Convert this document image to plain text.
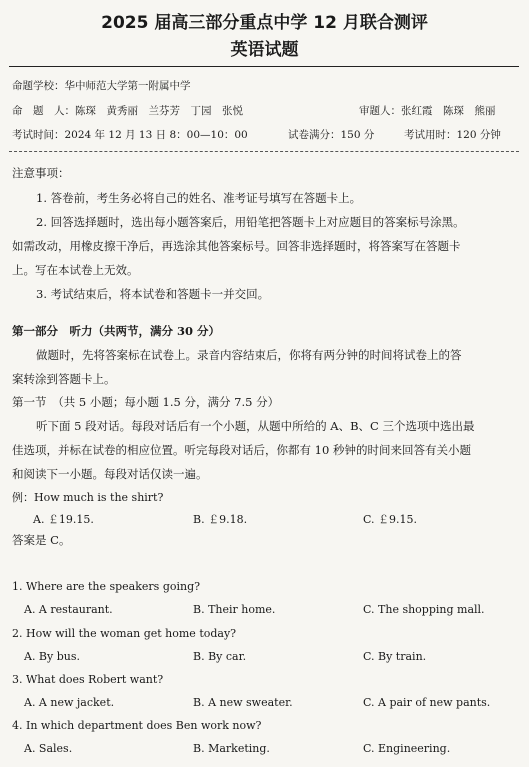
2025 届高三部分重点中学 12 月联合测评
英语试题
命题学校：华中师范大学第一附属中学
命　题　人：陈琛　黄秀丽　兰芬芳　丁园　张悦	审题人：张红霞　陈琛　熊丽
考试时间：2024 年 12 月 13 日 8：00—10：00	试卷满分：150 分	考试用时：120 分钟
注意事项：
1. 答卷前，考生务必将自己的姓名、准考证号填写在答题卡上。
2. 回答选择题时，选出每小题答案后，用铅笔把答题卡上对应题目的答案标号涂黑。
如需改动，用橡皮擦干净后，再选涂其他答案标号。回答非选择题时，将答案写在答题卡
上。写在本试卷上无效。
3. 考试结束后，将本试卷和答题卡一并交回。
第一部分　听力（共两节，满分 30 分）
做题时，先将答案标在试卷上。录音内容结束后，你将有两分钟的时间将试卷上的答
案转涂到答题卡上。
第一节　（共 5 小题；每小题 1.5 分，满分 7.5 分）
听下面 5 段对话。每段对话后有一个小题，从题中所给的 A、B、C 三个选项中选出最
佳选项，并标在试卷的相应位置。听完每段对话后，你都有 10 秒钟的时间来回答有关小题
和阅读下一小题。每段对话仅读一遍。
例：How much is the shirt?
A. ￡19.15.	B. ￡9.18.	C. ￡9.15.
答案是 C。
1. Where are the speakers going?
A. A restaurant.	B. Their home.	C. The shopping mall.
2. How will the woman get home today?
A. By bus.	B. By car.	C. By train.
3. What does Robert want?
A. A new jacket.	B. A new sweater.	C. A pair of new pants.
4. In which department does Ben work now?
A. Sales.	B. Marketing.	C. Engineering.
